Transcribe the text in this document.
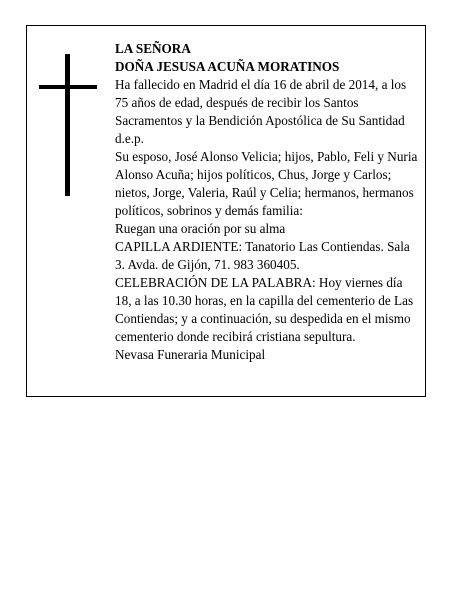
LA SEÑORA

DOÑA JESUSA ACUÑA MORATINOS

Ha fallecido en Madrid el día 16 de abril de 2014, a los 75 años de edad, después de recibir los Santos Sacramentos y la Bendición Apostólica de Su Santidad d.e.p.

Su esposo, José Alonso Velicia; hijos, Pablo, Feli y Nuria Alonso Acuña; hijos políticos, Chus, Jorge y Carlos; nietos, Jorge, Valeria, Raúl y Celia; hermanos, hermanos políticos, sobrinos y demás familia:

Ruegan una oración por su alma

CAPILLA ARDIENTE: Tanatorio Las Contiendas. Sala 3. Avda. de Gijón, 71. 983 360405.

CELEBRACIÓN DE LA PALABRA: Hoy viernes día 18, a las 10.30 horas, en la capilla del cementerio de Las Contiendas; y a continuación, su despedida en el mismo cementerio donde recibirá cristiana sepultura.

Nevasa Funeraria Municipal
